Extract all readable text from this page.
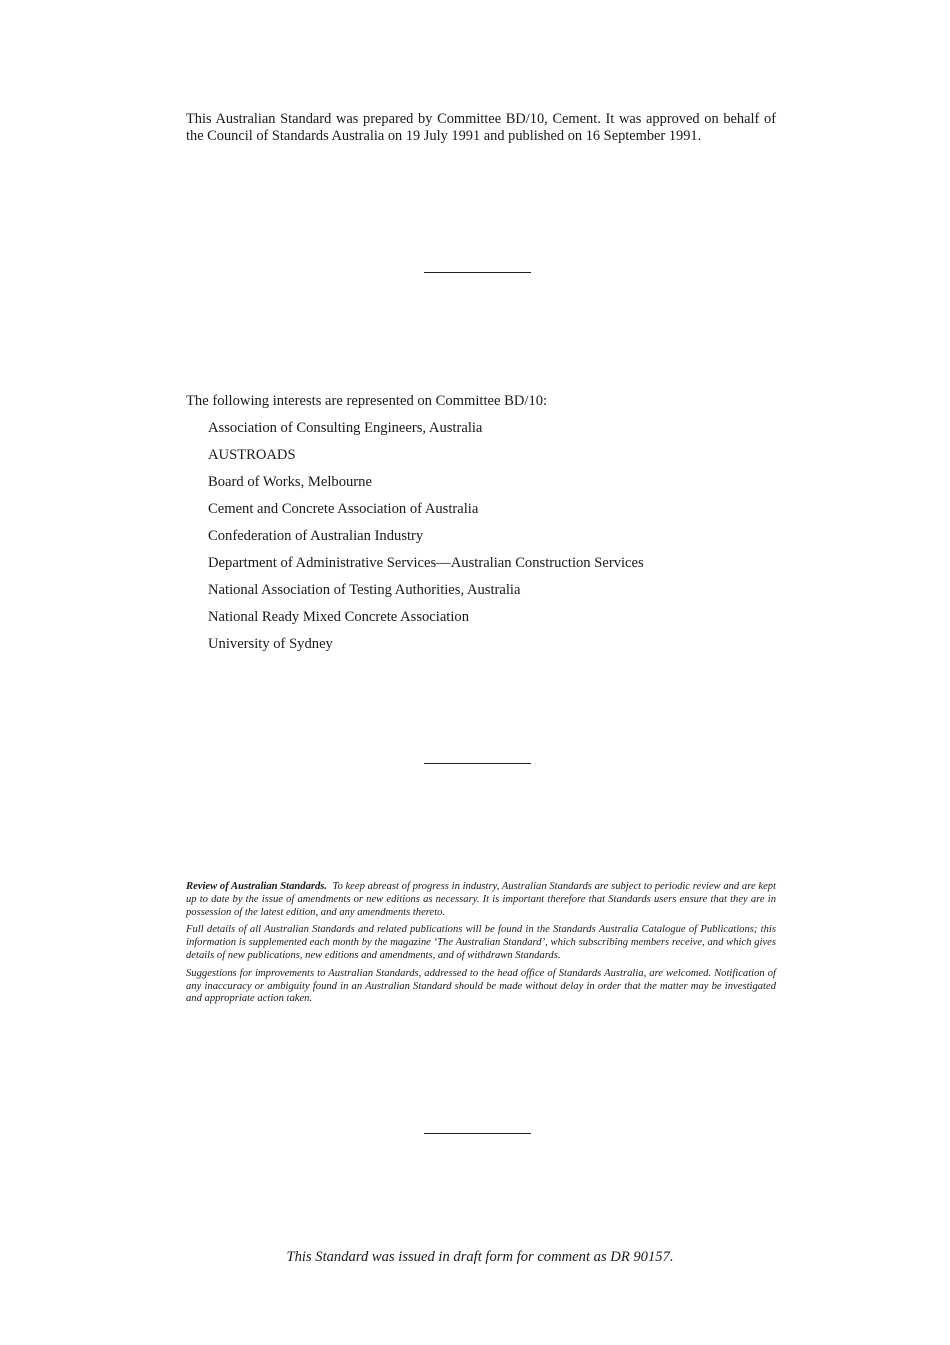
This Australian Standard was prepared by Committee BD/10, Cement. It was approved on behalf of the Council of Standards Australia on 19 July 1991 and published on 16 September 1991.
The following interests are represented on Committee BD/10:
Association of Consulting Engineers, Australia
AUSTROADS
Board of Works, Melbourne
Cement and Concrete Association of Australia
Confederation of Australian Industry
Department of Administrative Services—Australian Construction Services
National Association of Testing Authorities, Australia
National Ready Mixed Concrete Association
University of Sydney

Review of Australian Standards. To keep abreast of progress in industry, Australian Standards are subject to periodic review and are kept up to date by the issue of amendments or new editions as necessary. It is important therefore that Standards users ensure that they are in possession of the latest edition, and any amendments thereto.

Full details of all Australian Standards and related publications will be found in the Standards Australia Catalogue of Publications; this information is supplemented each month by the magazine ‘The Australian Standard’, which subscribing members receive, and which gives details of new publications, new editions and amendments, and of withdrawn Standards.

Suggestions for improvements to Australian Standards, addressed to the head office of Standards Australia, are welcomed. Notification of any inaccuracy or ambiguity found in an Australian Standard should be made without delay in order that the matter may be investigated and appropriate action taken.

This Standard was issued in draft form for comment as DR 90157.
